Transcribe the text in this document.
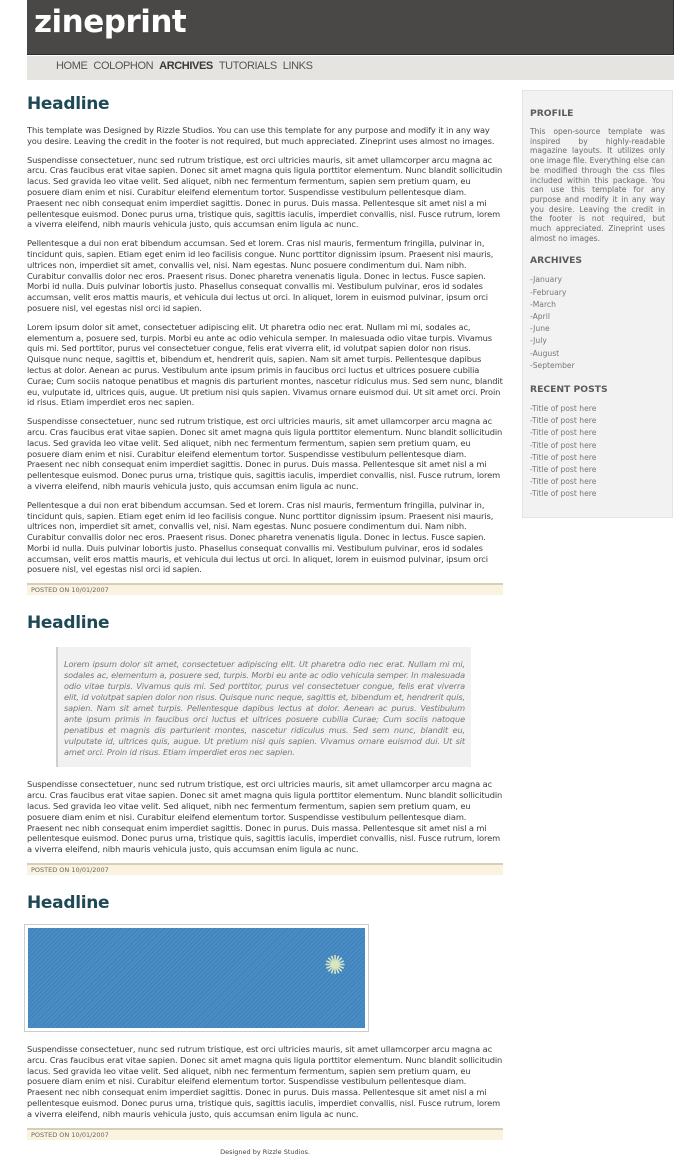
zineprint
HOME COLOPHON ARCHIVES TUTORIALS LINKS
Headline

This template was Designed by Rizzle Studios. You can use this template for any purpose and modify it in any way you desire. Leaving the credit in the footer is not required, but much appreciated. Zineprint uses almost no images.

Suspendisse consectetuer, nunc sed rutrum tristique, est orci ultricies mauris, sit amet ullamcorper arcu magna ac arcu. Cras faucibus erat vitae sapien. Donec sit amet magna quis ligula porttitor elementum. Nunc blandit sollicitudin lacus. Sed gravida leo vitae velit. Sed aliquet, nibh nec fermentum fermentum, sapien sem pretium quam, eu posuere diam enim et nisi. Curabitur eleifend elementum tortor. Suspendisse vestibulum pellentesque diam. Praesent nec nibh consequat enim imperdiet sagittis. Donec in purus. Duis massa. Pellentesque sit amet nisl a mi pellentesque euismod. Donec purus urna, tristique quis, sagittis iaculis, imperdiet convallis, nisl. Fusce rutrum, lorem a viverra eleifend, nibh mauris vehicula justo, quis accumsan enim ligula ac nunc.

Pellentesque a dui non erat bibendum accumsan. Sed et lorem. Cras nisl mauris, fermentum fringilla, pulvinar in, tincidunt quis, sapien. Etiam eget enim id leo facilisis congue. Nunc porttitor dignissim ipsum. Praesent nisi mauris, ultrices non, imperdiet sit amet, convallis vel, nisi. Nam egestas. Nunc posuere condimentum dui. Nam nibh. Curabitur convallis dolor nec eros. Praesent risus. Donec pharetra venenatis ligula. Donec in lectus. Fusce sapien. Morbi id nulla. Duis pulvinar lobortis justo. Phasellus consequat convallis mi. Vestibulum pulvinar, eros id sodales accumsan, velit eros mattis mauris, et vehicula dui lectus ut orci. In aliquet, lorem in euismod pulvinar, ipsum orci posuere nisl, vel egestas nisl orci id sapien.

Lorem ipsum dolor sit amet, consectetuer adipiscing elit. Ut pharetra odio nec erat. Nullam mi mi, sodales ac, elementum a, posuere sed, turpis. Morbi eu ante ac odio vehicula semper. In malesuada odio vitae turpis. Vivamus quis mi. Sed porttitor, purus vel consectetuer congue, felis erat viverra elit, id volutpat sapien dolor non risus. Quisque nunc neque, sagittis et, bibendum et, hendrerit quis, sapien. Nam sit amet turpis. Pellentesque dapibus lectus at dolor. Aenean ac purus. Vestibulum ante ipsum primis in faucibus orci luctus et ultrices posuere cubilia Curae; Cum sociis natoque penatibus et magnis dis parturient montes, nascetur ridiculus mus. Sed sem nunc, blandit eu, vulputate id, ultrices quis, augue. Ut pretium nisi quis sapien. Vivamus ornare euismod dui. Ut sit amet orci. Proin id risus. Etiam imperdiet eros nec sapien.

Suspendisse consectetuer, nunc sed rutrum tristique, est orci ultricies mauris, sit amet ullamcorper arcu magna ac arcu. Cras faucibus erat vitae sapien. Donec sit amet magna quis ligula porttitor elementum. Nunc blandit sollicitudin lacus. Sed gravida leo vitae velit. Sed aliquet, nibh nec fermentum fermentum, sapien sem pretium quam, eu posuere diam enim et nisi. Curabitur eleifend elementum tortor. Suspendisse vestibulum pellentesque diam. Praesent nec nibh consequat enim imperdiet sagittis. Donec in purus. Duis massa. Pellentesque sit amet nisl a mi pellentesque euismod. Donec purus urna, tristique quis, sagittis iaculis, imperdiet convallis, nisl. Fusce rutrum, lorem a viverra eleifend, nibh mauris vehicula justo, quis accumsan enim ligula ac nunc.

Pellentesque a dui non erat bibendum accumsan. Sed et lorem. Cras nisl mauris, fermentum fringilla, pulvinar in, tincidunt quis, sapien. Etiam eget enim id leo facilisis congue. Nunc porttitor dignissim ipsum. Praesent nisi mauris, ultrices non, imperdiet sit amet, convallis vel, nisi. Nam egestas. Nunc posuere condimentum dui. Nam nibh. Curabitur convallis dolor nec eros. Praesent risus. Donec pharetra venenatis ligula. Donec in lectus. Fusce sapien. Morbi id nulla. Duis pulvinar lobortis justo. Phasellus consequat convallis mi. Vestibulum pulvinar, eros id sodales accumsan, velit eros mattis mauris, et vehicula dui lectus ut orci. In aliquet, lorem in euismod pulvinar, ipsum orci posuere nisl, vel egestas nisl orci id sapien.

POSTED ON 10/01/2007
Headline

Lorem ipsum dolor sit amet, consectetuer adipiscing elit. Ut pharetra odio nec erat. Nullam mi mi, sodales ac, elementum a, posuere sed, turpis. Morbi eu ante ac odio vehicula semper. In malesuada odio vitae turpis. Vivamus quis mi. Sed porttitor, purus vel consectetuer congue, felis erat viverra elit, id volutpat sapien dolor non risus. Quisque nunc neque, sagittis et, bibendum et, hendrerit quis, sapien. Nam sit amet turpis. Pellentesque dapibus lectus at dolor. Aenean ac purus. Vestibulum ante ipsum primis in faucibus orci luctus et ultrices posuere cubilia Curae; Cum sociis natoque penatibus et magnis dis parturient montes, nascetur ridiculus mus. Sed sem nunc, blandit eu, vulputate id, ultrices quis, augue. Ut pretium nisi quis sapien. Vivamus ornare euismod dui. Ut sit amet orci. Proin id risus. Etiam imperdiet eros nec sapien.

Suspendisse consectetuer, nunc sed rutrum tristique, est orci ultricies mauris, sit amet ullamcorper arcu magna ac arcu. Cras faucibus erat vitae sapien. Donec sit amet magna quis ligula porttitor elementum. Nunc blandit sollicitudin lacus. Sed gravida leo vitae velit. Sed aliquet, nibh nec fermentum fermentum, sapien sem pretium quam, eu posuere diam enim et nisi. Curabitur eleifend elementum tortor. Suspendisse vestibulum pellentesque diam. Praesent nec nibh consequat enim imperdiet sagittis. Donec in purus. Duis massa. Pellentesque sit amet nisl a mi pellentesque euismod. Donec purus urna, tristique quis, sagittis iaculis, imperdiet convallis, nisl. Fusce rutrum, lorem a viverra eleifend, nibh mauris vehicula justo, quis accumsan enim ligula ac nunc.

POSTED ON 10/01/2007
Headline
✺

Suspendisse consectetuer, nunc sed rutrum tristique, est orci ultricies mauris, sit amet ullamcorper arcu magna ac arcu. Cras faucibus erat vitae sapien. Donec sit amet magna quis ligula porttitor elementum. Nunc blandit sollicitudin lacus. Sed gravida leo vitae velit. Sed aliquet, nibh nec fermentum fermentum, sapien sem pretium quam, eu posuere diam enim et nisi. Curabitur eleifend elementum tortor. Suspendisse vestibulum pellentesque diam. Praesent nec nibh consequat enim imperdiet sagittis. Donec in purus. Duis massa. Pellentesque sit amet nisl a mi pellentesque euismod. Donec purus urna, tristique quis, sagittis iaculis, imperdiet convallis, nisl. Fusce rutrum, lorem a viverra eleifend, nibh mauris vehicula justo, quis accumsan enim ligula ac nunc.

POSTED ON 10/01/2007
PROFILE

This open-source template was inspired by highly-readable magazine layouts. It utilizes only one image file. Everything else can be modified through the css files included within this package. You can use this template for any purpose and modify it in any way you desire. Leaving the credit in the footer is not required, but much appreciated. Zineprint uses almost no images.

ARCHIVES
-January
-February
-March
-April
-June
-July
-August
-September
RECENT POSTS
-Title of post here
-Title of post here
-Title of post here
-Title of post here
-Title of post here
-Title of post here
-Title of post here
-Title of post here
Designed by Rizzle Studios.
